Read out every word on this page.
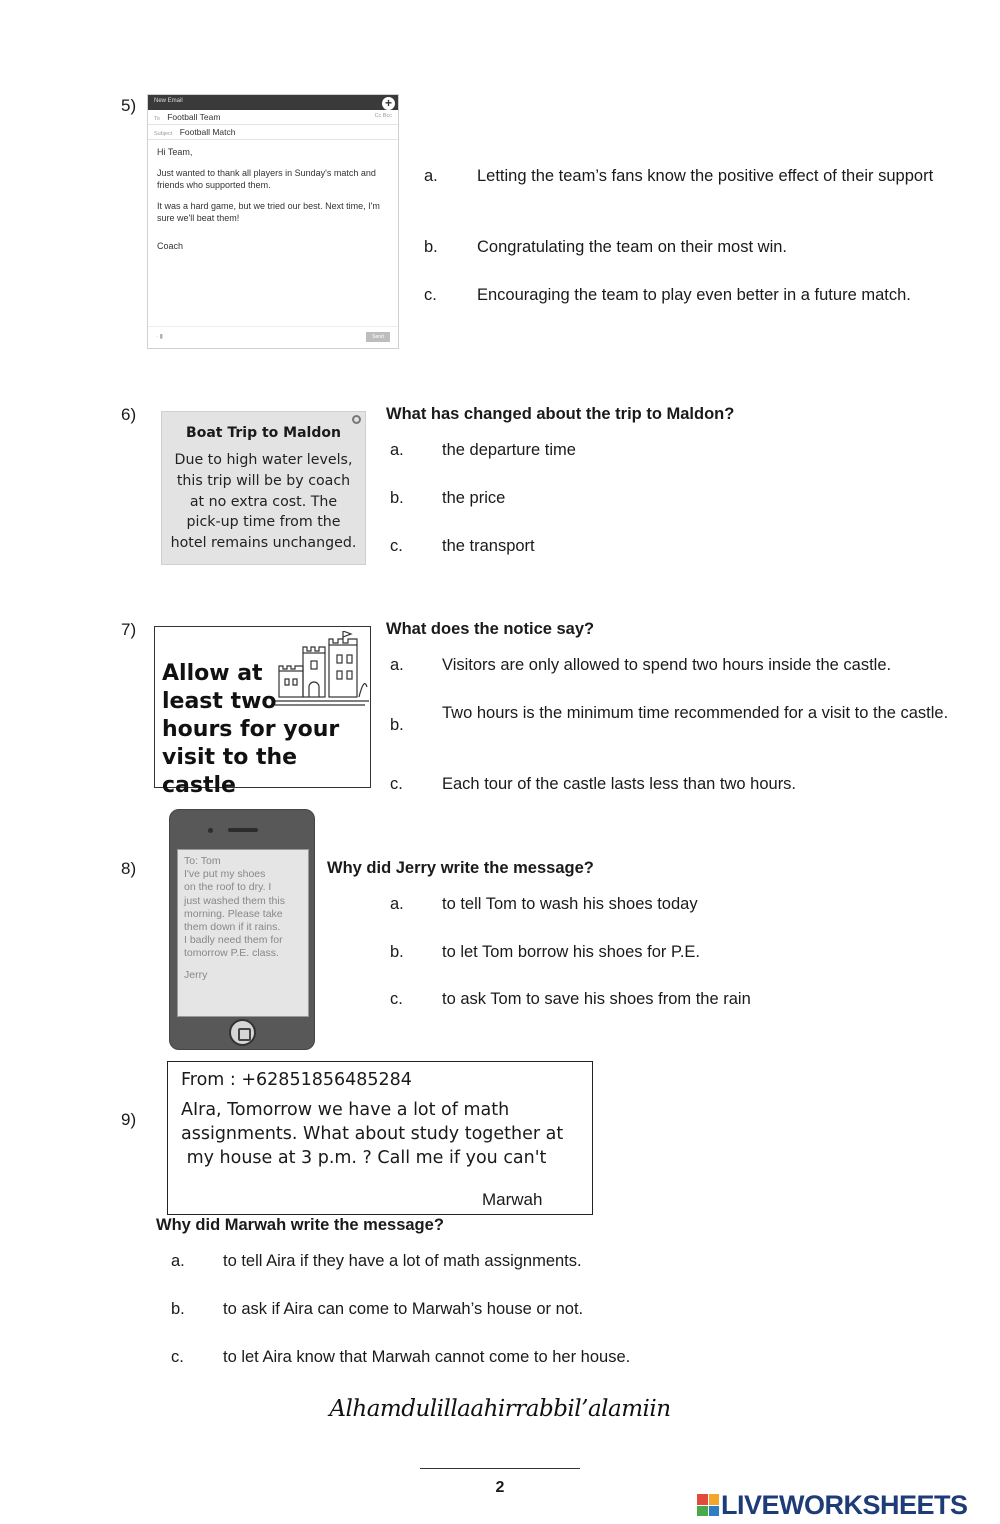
5)	New Email	+
To Football Team	Cc Bcc
Subject Football Match

Hi Team,

Just wanted to thank all players in Sunday's match and friends who supported them.

It was a hard game, but we tried our best. Next time, I'm sure we'll beat them!

Coach

· ▮	Send
a. Letting the team’s fans know the positive effect of their support
b. Congratulating the team on their most win.
c. Encouraging the team to play even better in a future match.
6)
Boat Trip to Maldon
Due to high water levels,
this trip will be by coach
at no extra cost. The
pick-up time from the
hotel remains unchanged.
What has changed about the trip to Maldon?
a. the departure time
b. the price
c. the transport
7)
Allow at
least two
hours for your
visit to the castle
What does the notice say?
a. Visitors are only allowed to spend two hours inside the castle.
b.
Two hours is the minimum time recommended for a visit to the castle.
c. Each tour of the castle lasts less than two hours.
8)	To: Tom
I've put my shoes
on the roof to dry. I
just washed them this
morning. Please take
them down if it rains.
I badly need them for
tomorrow P.E. class.
Jerry
Why did Jerry write the message?
a. to tell Tom to wash his shoes today
b. to let Tom borrow his shoes for P.E.
c. to ask Tom to save his shoes from the rain
9)
From : +62851856485284
AIra, Tomorrow we have a lot of math
assignments. What about study together at
my house at 3 p.m. ? Call me if you can't
Marwah
Why did Marwah write the message?
a. to tell Aira if they have a lot of math assignments.
b. to ask if Aira can come to Marwah’s house or not.
c. to let Aira know that Marwah cannot come to her house.
Alhamdulillaahirrabbil’alamiin
2
LIVEWORKSHEETS
